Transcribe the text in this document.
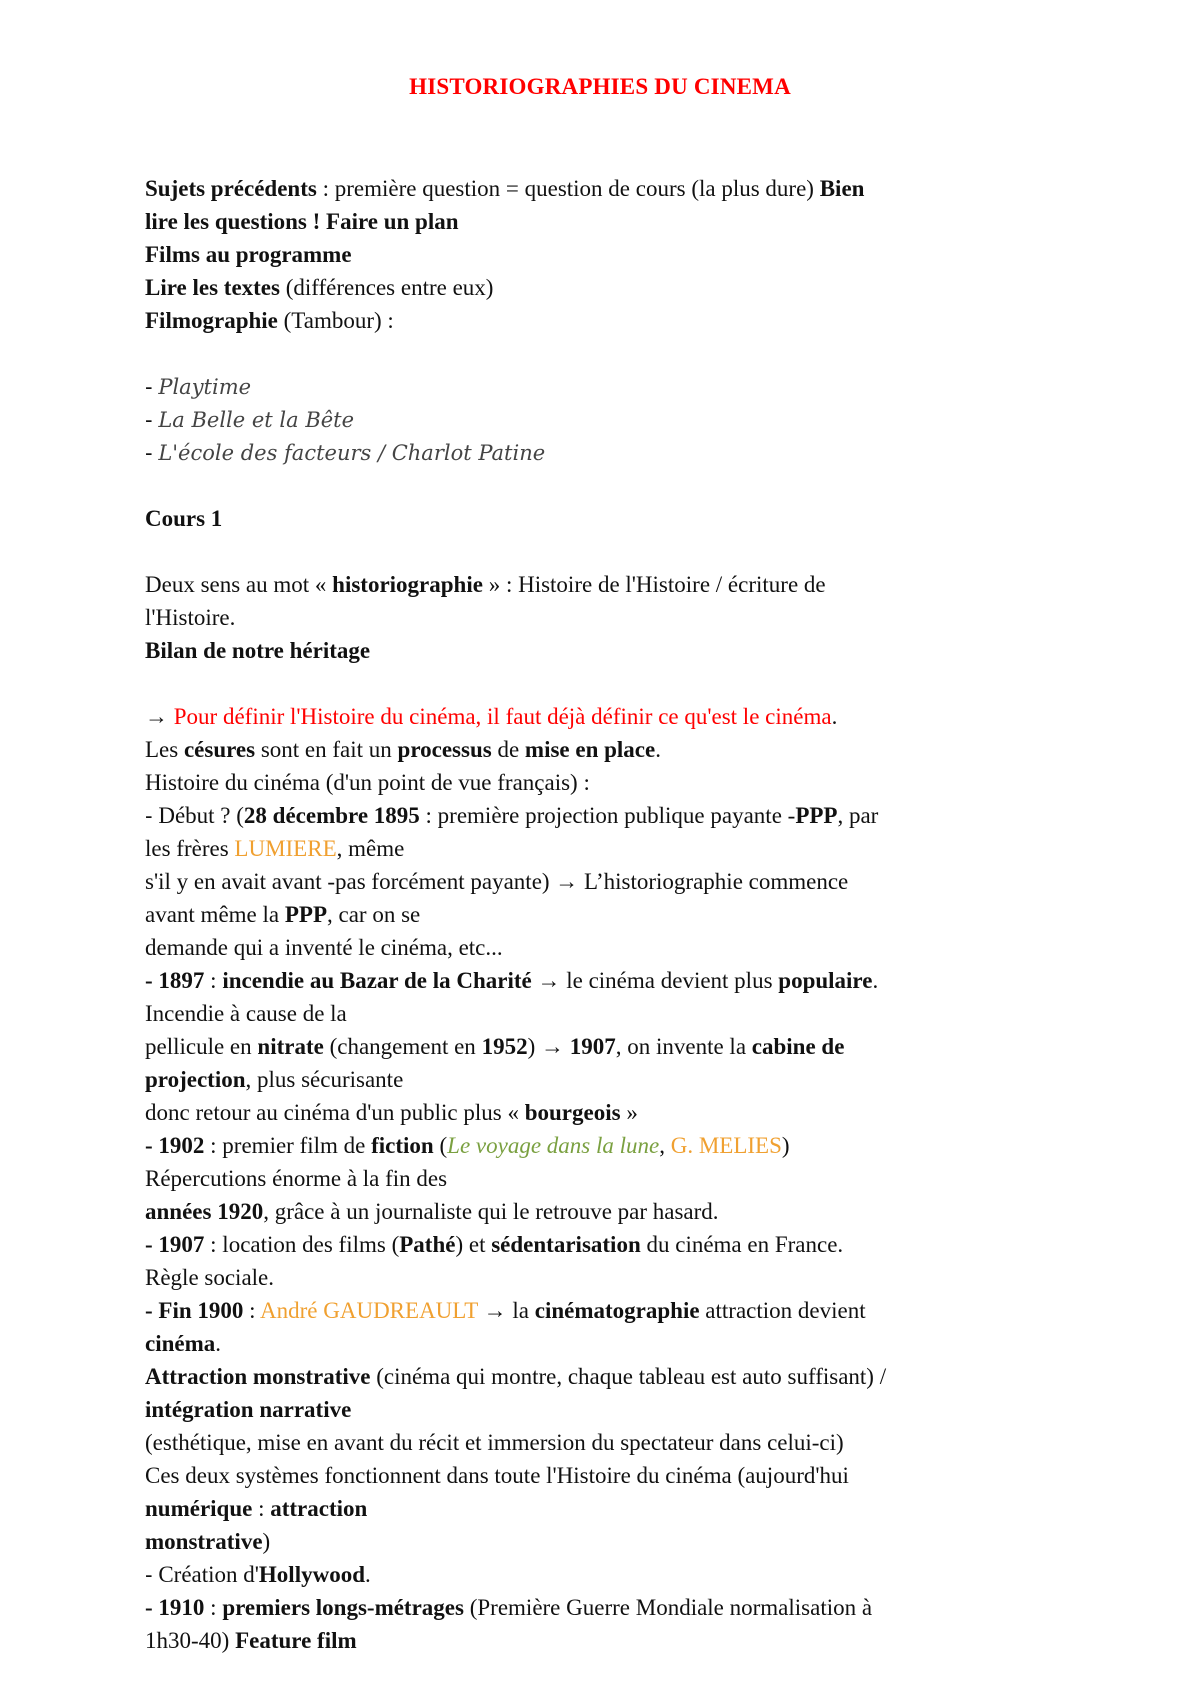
HISTORIOGRAPHIES DU CINEMA
Sujets précédents : première question = question de cours (la plus dure) Bien
lire les questions ! Faire un plan
Films au programme
Lire les textes (différences entre eux)
Filmographie (Tambour) :
- Playtime
- La Belle et la Bête
- L'école des facteurs / Charlot Patine
Cours 1
Deux sens au mot « historiographie » : Histoire de l'Histoire / écriture de
l'Histoire.
Bilan de notre héritage
→ Pour définir l'Histoire du cinéma, il faut déjà définir ce qu'est le cinéma.
Les césures sont en fait un processus de mise en place.
Histoire du cinéma (d'un point de vue français) :
- Début ? (28 décembre 1895 : première projection publique payante -PPP, par
les frères LUMIERE, même
s'il y en avait avant -pas forcément payante) → L’historiographie commence
avant même la PPP, car on se
demande qui a inventé le cinéma, etc...
- 1897 : incendie au Bazar de la Charité → le cinéma devient plus populaire.
Incendie à cause de la
pellicule en nitrate (changement en 1952) → 1907, on invente la cabine de
projection, plus sécurisante
donc retour au cinéma d'un public plus « bourgeois »
- 1902 : premier film de fiction (Le voyage dans la lune, G. MELIES)
Répercutions énorme à la fin des
années 1920, grâce à un journaliste qui le retrouve par hasard.
- 1907 : location des films (Pathé) et sédentarisation du cinéma en France.
Règle sociale.
- Fin 1900 : André GAUDREAULT → la cinématographie attraction devient
cinéma.
Attraction monstrative (cinéma qui montre, chaque tableau est auto suffisant) /
intégration narrative
(esthétique, mise en avant du récit et immersion du spectateur dans celui-ci)
Ces deux systèmes fonctionnent dans toute l'Histoire du cinéma (aujourd'hui
numérique : attraction
monstrative)
- Création d'Hollywood.
- 1910 : premiers longs-métrages (Première Guerre Mondiale normalisation à
1h30-40) Feature film
